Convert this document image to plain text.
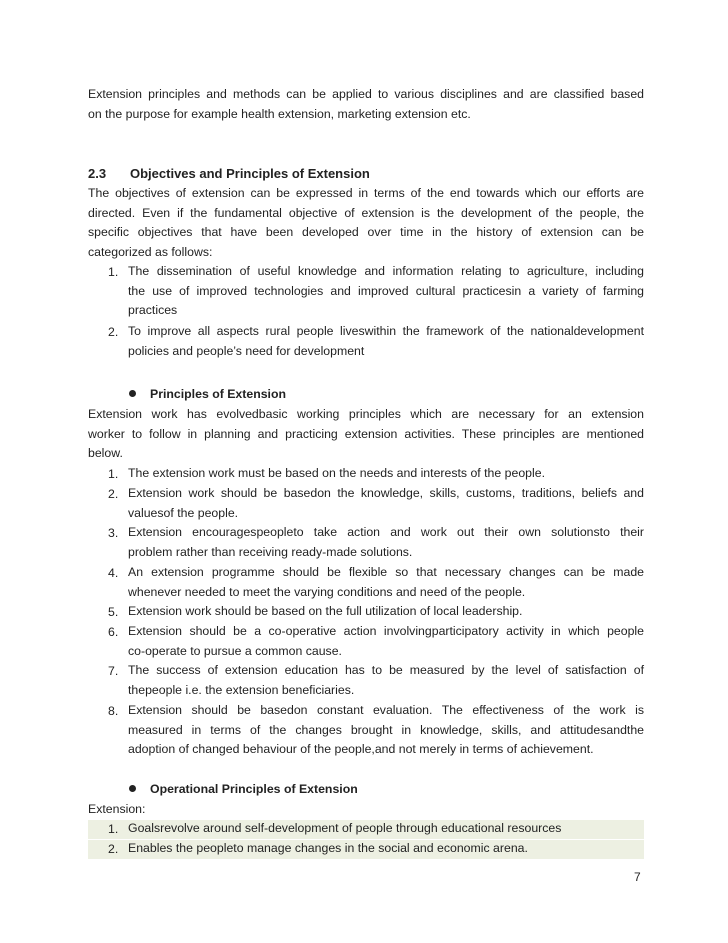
Extension principles and methods can be applied to various disciplines and are classified based
on the purpose for example health extension, marketing extension etc.
2.3 Objectives and Principles of Extension
The objectives of extension can be expressed in terms of the end towards which our efforts are
directed. Even if the fundamental objective of extension is the development of the people, the
specific objectives that have been developed over time in the history of extension can be
categorized as follows:
1. The dissemination of useful knowledge and information relating to agriculture, including
the use of improved technologies and improved cultural practicesin a variety of farming
practices
2. To improve all aspects rural people liveswithin the framework of the nationaldevelopment
policies and people’s need for development
Principles of Extension
Extension work has evolvedbasic working principles which are necessary for an extension
worker to follow in planning and practicing extension activities. These principles are mentioned
below.
1. The extension work must be based on the needs and interests of the people.
2. Extension work should be basedon the knowledge, skills, customs, traditions, beliefs and
valuesof the people.
3. Extension encouragespeopleto take action and work out their own solutionsto their
problem rather than receiving ready-made solutions.
4. An extension programme should be flexible so that necessary changes can be made
whenever needed to meet the varying conditions and need of the people.
5. Extension work should be based on the full utilization of local leadership.
6. Extension should be a co-operative action involvingparticipatory activity in which people
co-operate to pursue a common cause.
7. The success of extension education has to be measured by the level of satisfaction of
thepeople i.e. the extension beneficiaries.
8. Extension should be basedon constant evaluation. The effectiveness of the work is
measured in terms of the changes brought in knowledge, skills, and attitudesandthe
adoption of changed behaviour of the people,and not merely in terms of achievement.
Operational Principles of Extension
Extension:
1. Goalsrevolve around self-development of people through educational resources
2. Enables the peopleto manage changes in the social and economic arena.
7
